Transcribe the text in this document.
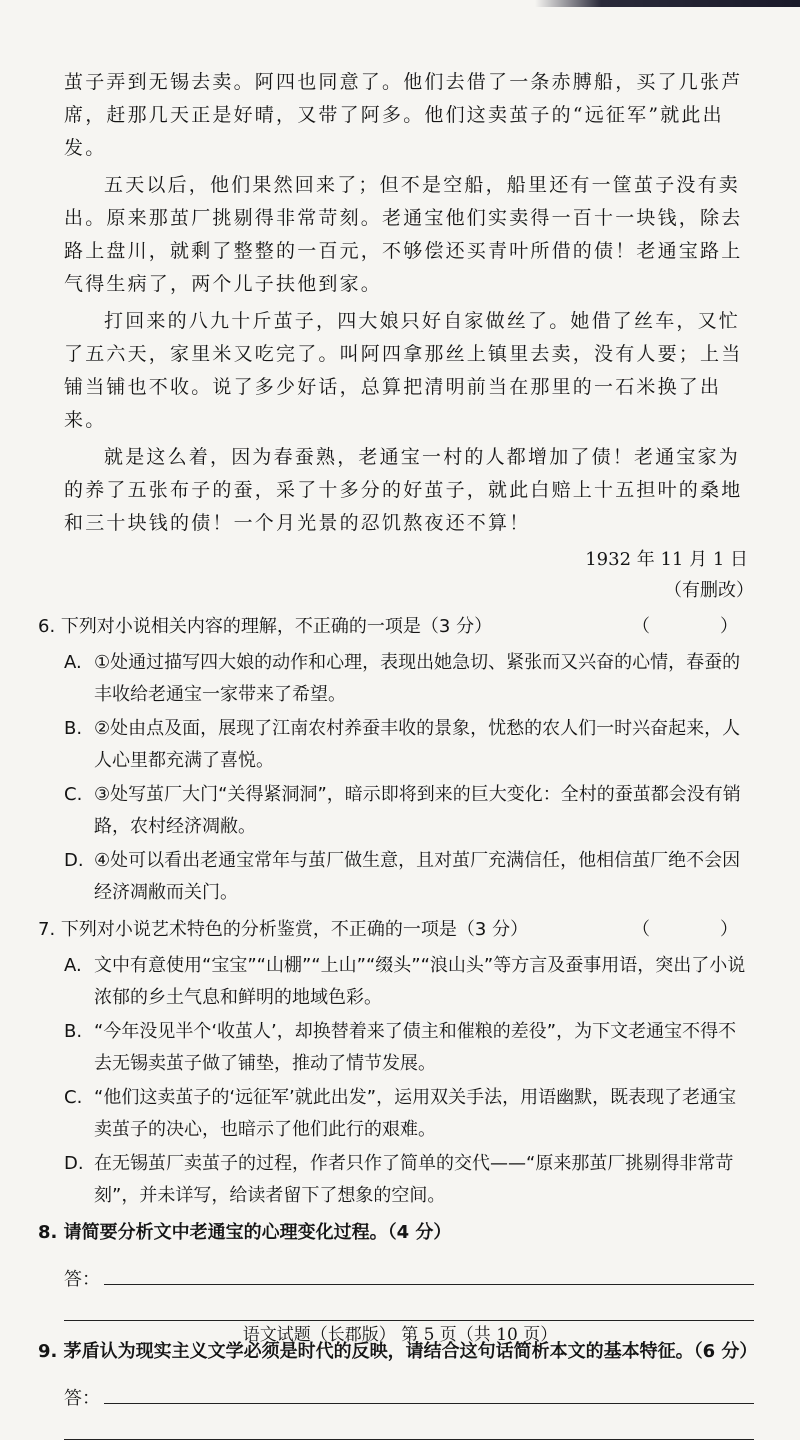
茧子弄到无锡去卖。阿四也同意了。他们去借了一条赤膊船，买了几张芦席，赶那几天正是好晴，又带了阿多。他们这卖茧子的“远征军”就此出发。

五天以后，他们果然回来了；但不是空船，船里还有一筐茧子没有卖出。原来那茧厂挑剔得非常苛刻。老通宝他们实卖得一百十一块钱，除去路上盘川，就剩了整整的一百元，不够偿还买青叶所借的债！老通宝路上气得生病了，两个儿子扶他到家。

打回来的八九十斤茧子，四大娘只好自家做丝了。她借了丝车，又忙了五六天，家里米又吃完了。叫阿四拿那丝上镇里去卖，没有人要；上当铺当铺也不收。说了多少好话，总算把清明前当在那里的一石米换了出来。

就是这么着，因为春蚕熟，老通宝一村的人都增加了债！老通宝家为的养了五张布子的蚕，采了十多分的好茧子，就此白赔上十五担叶的桑地和三十块钱的债！一个月光景的忍饥熬夜还不算！

1932 年 11 月 1 日
（有删改）
6. 下列对小说相关内容的理解，不正确的一项是（3 分）	（　）
A. ①处通过描写四大娘的动作和心理，表现出她急切、紧张而又兴奋的心情，春蚕的丰收给老通宝一家带来了希望。
B. ②处由点及面，展现了江南农村养蚕丰收的景象，忧愁的农人们一时兴奋起来，人人心里都充满了喜悦。
C. ③处写茧厂大门“关得紧洞洞”，暗示即将到来的巨大变化：全村的蚕茧都会没有销路，农村经济凋敝。
D. ④处可以看出老通宝常年与茧厂做生意，且对茧厂充满信任，他相信茧厂绝不会因经济凋敝而关门。
7. 下列对小说艺术特色的分析鉴赏，不正确的一项是（3 分）	（　）
A. 文中有意使用“宝宝”“山棚”“上山”“缀头”“浪山头”等方言及蚕事用语，突出了小说浓郁的乡土气息和鲜明的地域色彩。
B. “今年没见半个‘收茧人’，却换替着来了债主和催粮的差役”，为下文老通宝不得不去无锡卖茧子做了铺垫，推动了情节发展。
C. “他们这卖茧子的‘远征军’就此出发”，运用双关手法，用语幽默，既表现了老通宝卖茧子的决心，也暗示了他们此行的艰难。
D. 在无锡茧厂卖茧子的过程，作者只作了简单的交代——“原来那茧厂挑剔得非常苛刻”，并未详写，给读者留下了想象的空间。
8. 请简要分析文中老通宝的心理变化过程。（4 分）
答：
9. 茅盾认为现实主义文学必须是时代的反映，请结合这句话简析本文的基本特征。（6 分）
答：
语文试题（长郡版） 第 5 页（共 10 页）
